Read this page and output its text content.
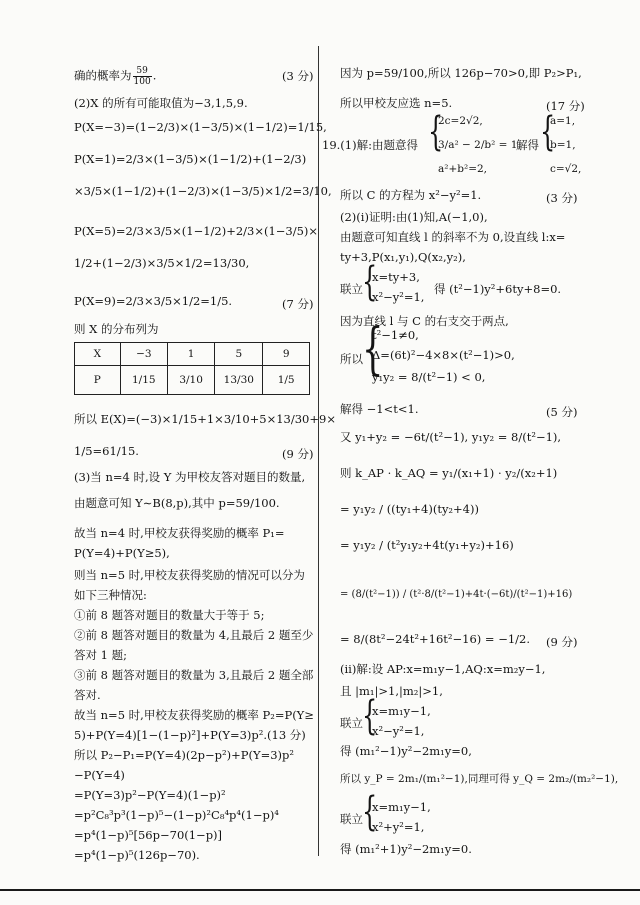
确的概率为 $\frac{59}{100}$ .	(3 分)
(2)X 的所有可能取值为−3,1,5,9.
P(X=−3)=(1−2/3)×(1−3/5)×(1−1/2)=1/15,
P(X=1)=2/3×(1−3/5)×(1−1/2)+(1−2/3)
×3/5×(1−1/2)+(1−2/3)×(1−3/5)×1/2=3/10,
P(X=5)=2/3×3/5×(1−1/2)+2/3×(1−3/5)×
1/2+(1−2/3)×3/5×1/2=13/30,
P(X=9)=2/3×3/5×1/2=1/5.	(7 分)
则 X 的分布列为
X	−3	1	5	9
P	1/15	3/10	13/30	1/5
所以 E(X)=(−3)×1/15+1×3/10+5×13/30+9×
1/5=61/15.	(9 分)
(3)当 n=4 时,设 Y 为甲校友答对题目的数量,
由题意可知 Y∼B(8,p),其中 p=59/100.
故当 n=4 时,甲校友获得奖励的概率 P₁=
P(Y=4)+P(Y≥5),
则当 n=5 时,甲校友获得奖励的情况可以分为
如下三种情况:
①前 8 题答对题目的数量大于等于 5;
②前 8 题答对题目的数量为 4,且最后 2 题至少
答对 1 题;
③前 8 题答对题目的数量为 3,且最后 2 题全部
答对.
故当 n=5 时,甲校友获得奖励的概率 P₂=P(Y≥
5)+P(Y=4)[1−(1−p)²]+P(Y=3)p².(13 分)
所以 P₂−P₁=P(Y=4)(2p−p²)+P(Y=3)p²
−P(Y=4)
=P(Y=3)p²−P(Y=4)(1−p)²
=p²C₈³p³(1−p)⁵−(1−p)²C₈⁴p⁴(1−p)⁴
=p⁴(1−p)⁵[56p−70(1−p)]
=p⁴(1−p)⁵(126p−70).
因为 p=59/100,所以 126p−70>0,即 P₂>P₁,
所以甲校友应选 n=5.	(17 分)
19.(1)解:由题意得 {
2c=2√2,
3/a² − 2/b² = 1,
a²+b²=2,
解得 {
a=1,
b=1,
c=√2,
所以 C 的方程为 x²−y²=1.	(3 分)
(2)(ⅰ)证明:由(1)知,A(−1,0),
由题意可知直线 l 的斜率不为 0,设直线 l:x=
ty+3,P(x₁,y₁),Q(x₂,y₂),
联立 {
x=ty+3,
x²−y²=1,
得 (t²−1)y²+6ty+8=0.
因为直线 l 与 C 的右支交于两点,
所以 {
t²−1≠0,
Δ=(6t)²−4×8×(t²−1)>0,
y₁y₂ = 8/(t²−1) < 0,
解得 −1<t<1.	(5 分)
又 y₁+y₂ = −6t/(t²−1), y₁y₂ = 8/(t²−1),
则 k_AP · k_AQ = y₁/(x₁+1) · y₂/(x₂+1)
= y₁y₂ / ((ty₁+4)(ty₂+4))
= y₁y₂ / (t²y₁y₂+4t(y₁+y₂)+16)
= (8/(t²−1)) / (t²·8/(t²−1)+4t·(−6t)/(t²−1)+16)
= 8/(8t²−24t²+16t²−16) = −1/2. (9 分)
(ⅱ)解:设 AP:x=m₁y−1,AQ:x=m₂y−1,
且 |m₁|>1,|m₂|>1,
联立 {
x=m₁y−1,
x²−y²=1,
得 (m₁²−1)y²−2m₁y=0,
所以 y_P = 2m₁/(m₁²−1),同理可得 y_Q = 2m₂/(m₂²−1),
联立 {
x=m₁y−1,
x²+y²=1,
得 (m₁²+1)y²−2m₁y=0.
